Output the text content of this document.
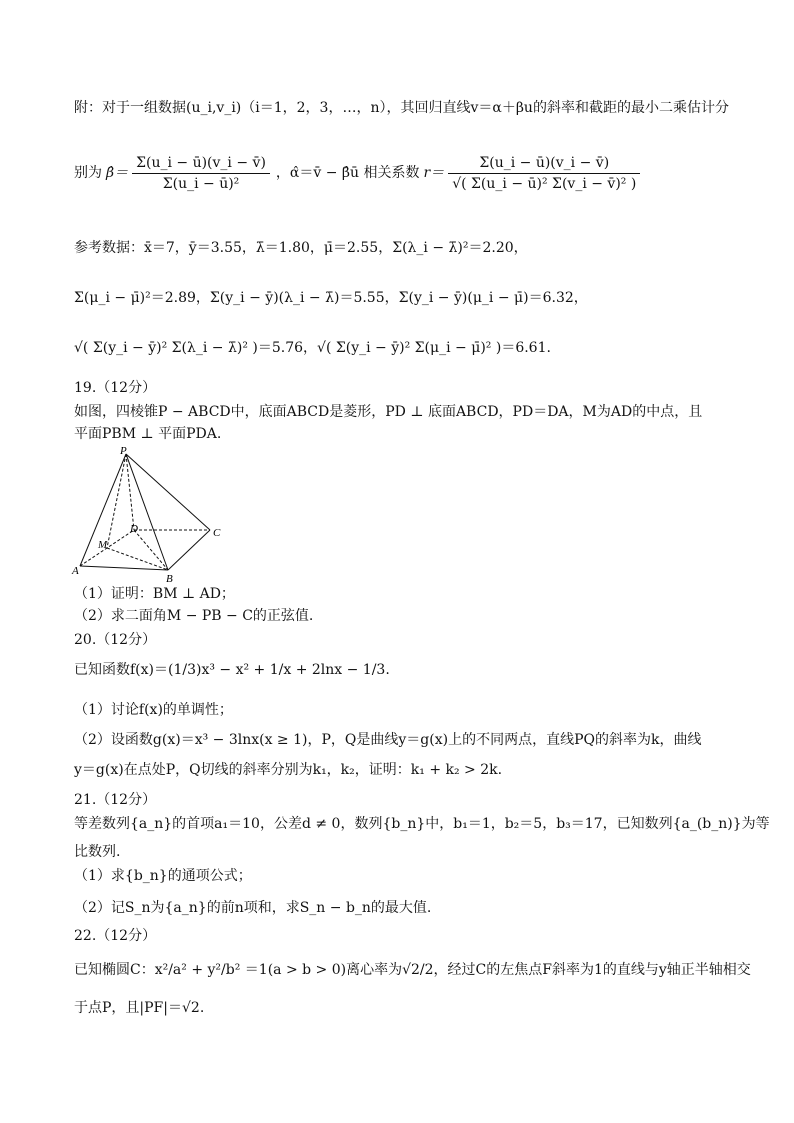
附：对于一组数据(u_i,v_i)（i＝1，2，3，…，n），其回归直线v＝α＋βu的斜率和截距的最小二乘估计分
别为 β̂＝ $\frac{\Sigma(u\_i - ū)(v\_i - v̄)}{\text{Σ(u\_i − ū)²}}$ ，α̂＝v̄ − β̂ū 相关系数 $r= \frac{\Sigma(u\_i - ū)(v\_i - v̄)}{\text{√( Σ(u\_i − ū)² Σ(v\_i − v̄)² )}}$
参考数据：x̄＝7，ȳ＝3.55，λ̄＝1.80，μ̄＝2.55，Σ(λ_i − λ̄)²＝2.20，
Σ(μ_i − μ̄)²＝2.89，Σ(y_i − ȳ)(λ_i − λ̄)＝5.55，Σ(y_i − ȳ)(μ_i − μ̄)＝6.32，
√( Σ(y_i − ȳ)² Σ(λ_i − λ̄)² )＝5.76，√( Σ(y_i − ȳ)² Σ(μ_i − μ̄)² )＝6.61.
19.（12分）
如图，四棱锥P − ABCD中，底面ABCD是菱形，PD ⊥ 底面ABCD，PD＝DA，M为AD的中点，且
平面PBM ⊥ 平面PDA.
P
D	C
M
A
B
（1）证明：BM ⊥ AD；
（2）求二面角M − PB − C的正弦值.
20.（12分）
已知函数f(x)＝(1/3)x³ − x² + 1/x + 2lnx − 1/3.
（1）讨论f(x)的单调性；
（2）设函数g(x)＝x³ − 3lnx(x ≥ 1)，P，Q是曲线y＝g(x)上的不同两点，直线PQ的斜率为k，曲线
y＝g(x)在点处P，Q切线的斜率分别为k₁，k₂，证明：k₁ + k₂ > 2k.
21.（12分）
等差数列{a_n}的首项a₁＝10，公差d ≠ 0，数列{b_n}中，b₁＝1，b₂＝5，b₃＝17，已知数列{a_(b_n)}为等
比数列.
（1）求{b_n}的通项公式；
（2）记S_n为{a_n}的前n项和，求S_n − b_n的最大值.
22.（12分）
已知椭圆C：x²/a² + y²/b² ＝1(a > b > 0)离心率为√2/2，经过C的左焦点F斜率为1的直线与y轴正半轴相交
于点P，且|PF|＝√2.
